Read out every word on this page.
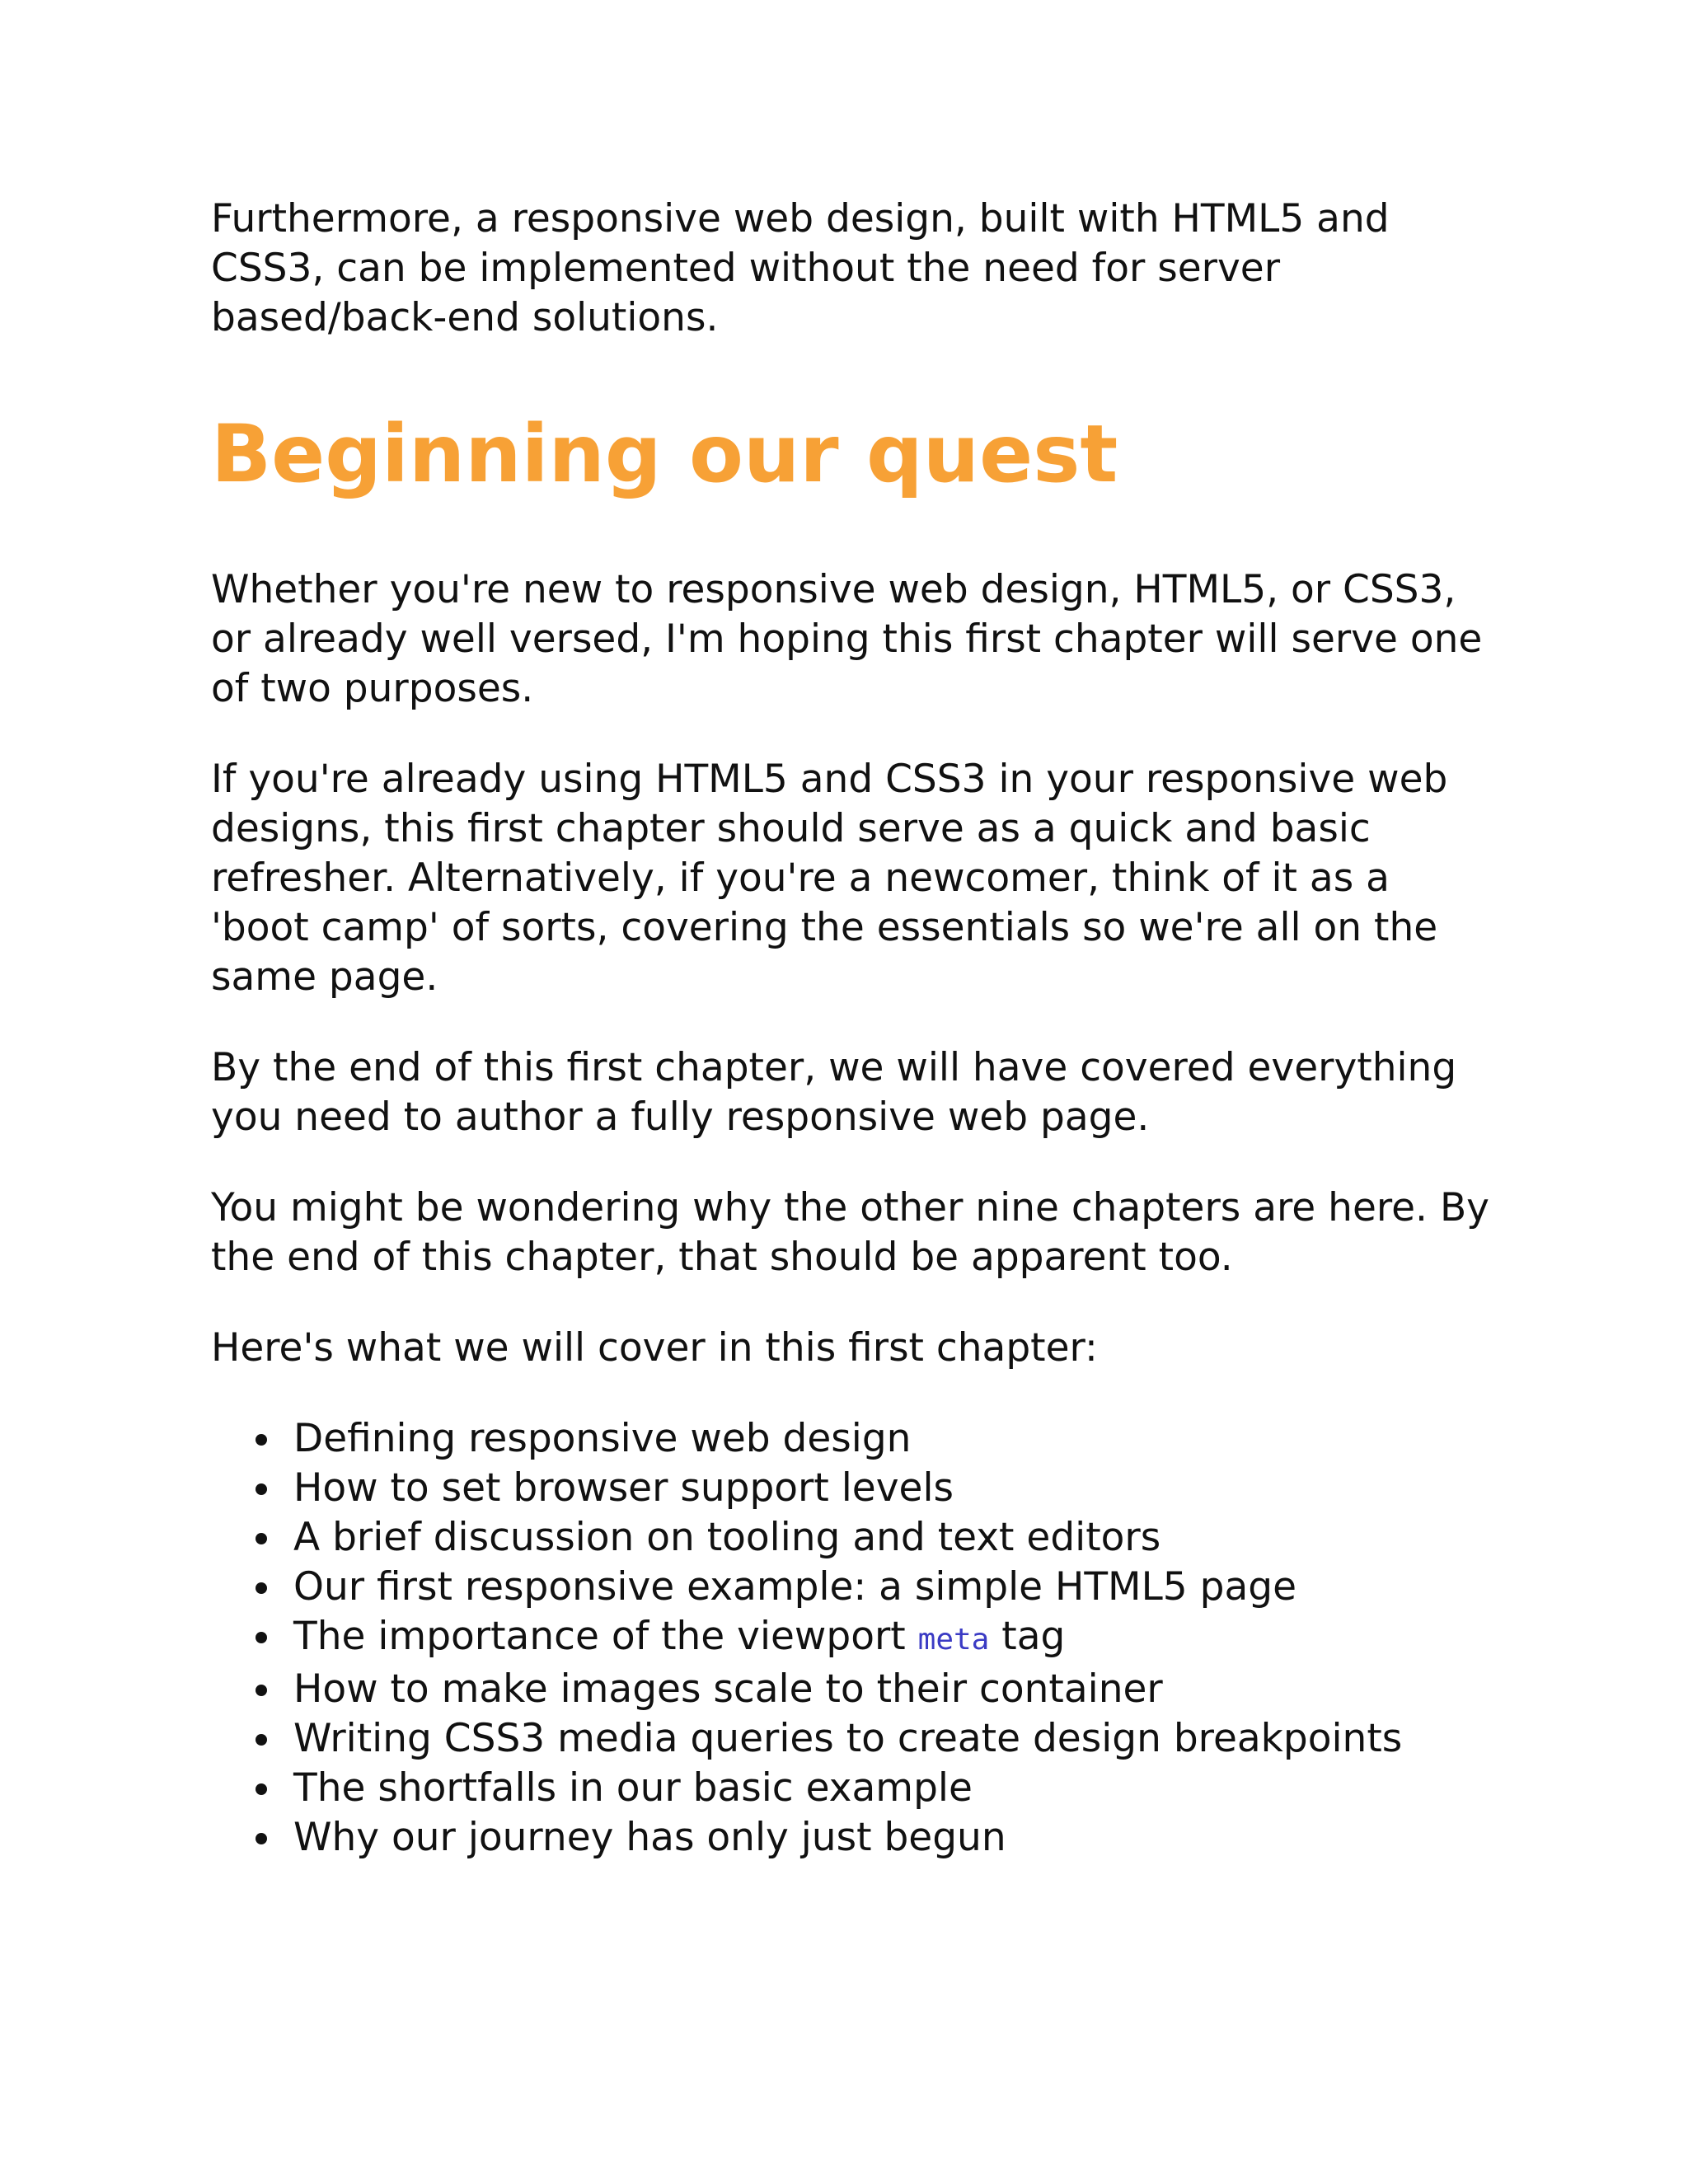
Furthermore, a responsive web design, built with HTML5 and CSS3, can be implemented without the need for server based/back-end solutions.

Beginning our quest

Whether you're new to responsive web design, HTML5, or CSS3, or already well versed, I'm hoping this first chapter will serve one of two purposes.

If you're already using HTML5 and CSS3 in your responsive web designs, this first chapter should serve as a quick and basic refresher. Alternatively, if you're a newcomer, think of it as a 'boot camp' of sorts, covering the essentials so we're all on the same page.

By the end of this first chapter, we will have covered everything you need to author a fully responsive web page.

You might be wondering why the other nine chapters are here. By the end of this chapter, that should be apparent too.

Here's what we will cover in this first chapter:

Defining responsive web design
How to set browser support levels
A brief discussion on tooling and text editors
Our first responsive example: a simple HTML5 page
The importance of the viewport meta tag
How to make images scale to their container
Writing CSS3 media queries to create design breakpoints
The shortfalls in our basic example
Why our journey has only just begun
